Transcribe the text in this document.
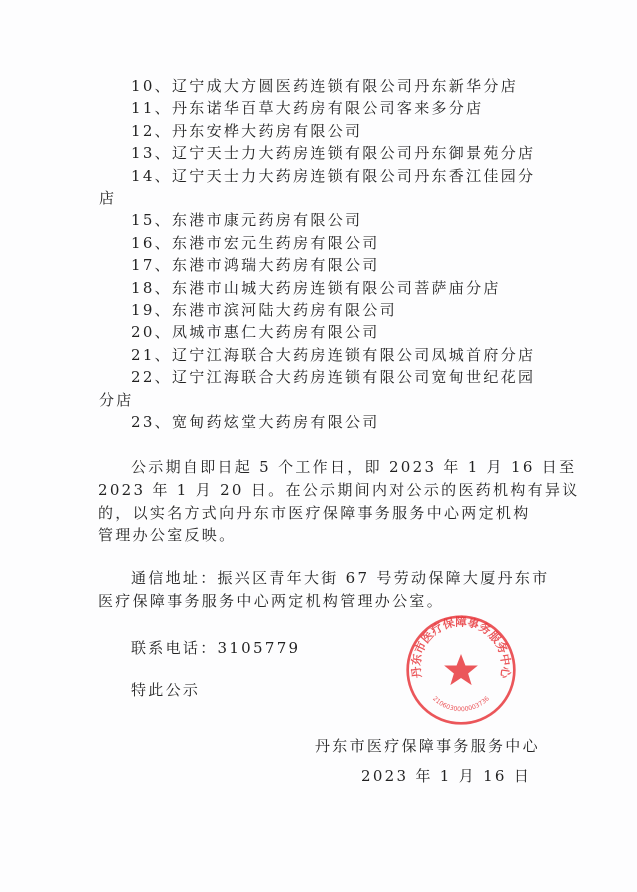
10、辽宁成大方圆医药连锁有限公司丹东新华分店
11、丹东诺华百草大药房有限公司客来多分店
12、丹东安桦大药房有限公司
13、辽宁天士力大药房连锁有限公司丹东御景苑分店
14、辽宁天士力大药房连锁有限公司丹东香江佳园分
店
15、东港市康元药房有限公司
16、东港市宏元生药房有限公司
17、东港市鸿瑞大药房有限公司
18、东港市山城大药房连锁有限公司菩萨庙分店
19、东港市滨河陆大药房有限公司
20、凤城市惠仁大药房有限公司
21、辽宁江海联合大药房连锁有限公司凤城首府分店
22、辽宁江海联合大药房连锁有限公司宽甸世纪花园
分店
23、宽甸药炫堂大药房有限公司
公示期自即日起 5 个工作日，即 2023 年 1 月 16 日至
2023 年 1 月 20 日。在公示期间内对公示的医药机构有异议
的，以实名方式向丹东市医疗保障事务服务中心两定机构
管理办公室反映。
通信地址：振兴区青年大街 67 号劳动保障大厦丹东市
医疗保障事务服务中心两定机构管理办公室。
联系电话：3105779
特此公示
丹东市医疗保障事务服务中心
2106030000003736
丹东市医疗保障事务服务中心
2023 年 1 月 16 日
